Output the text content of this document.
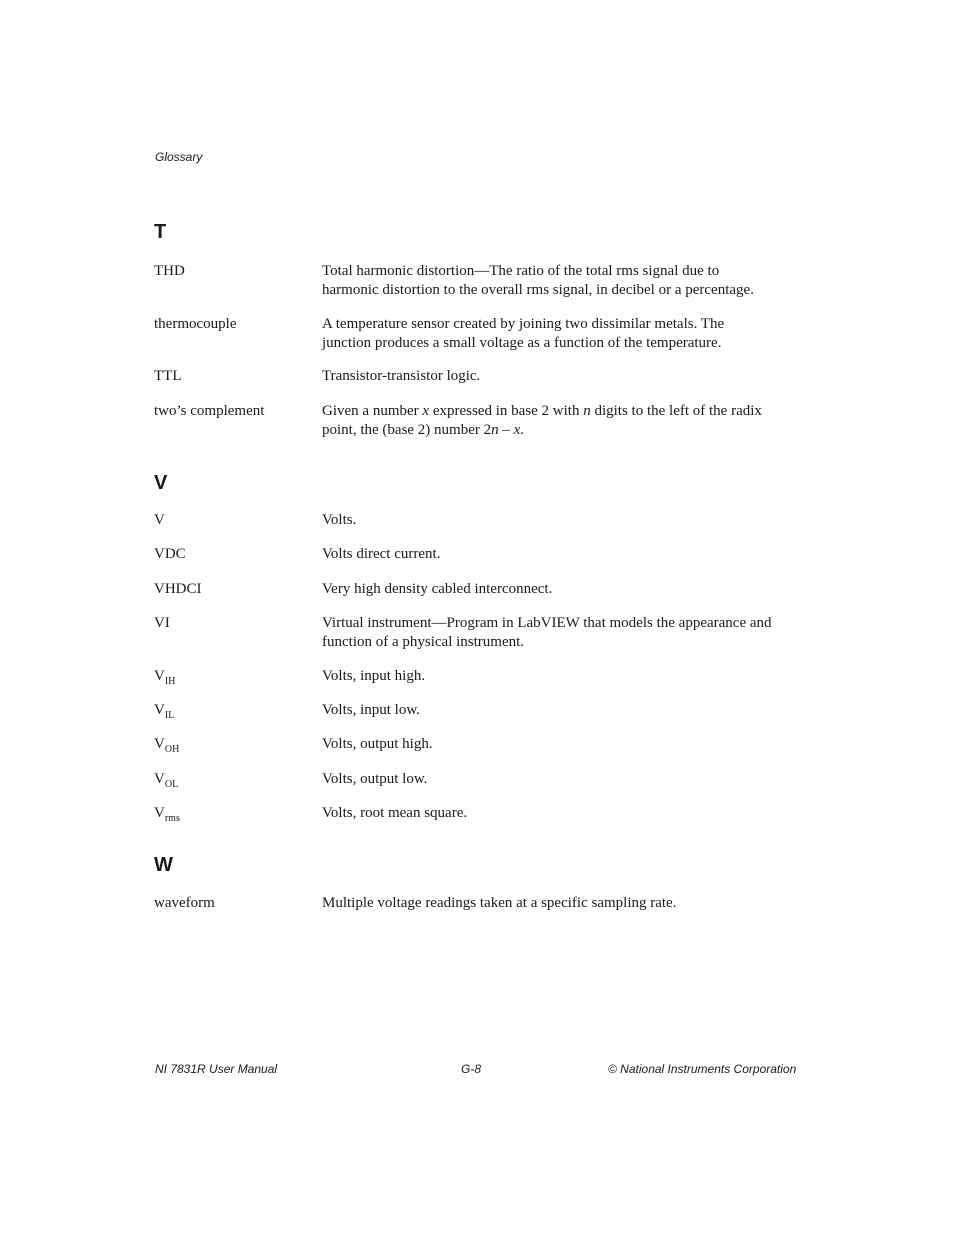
Glossary
T
THD	Total harmonic distortion—The ratio of the total rms signal due to
harmonic distortion to the overall rms signal, in decibel or a percentage.
thermocouple	A temperature sensor created by joining two dissimilar metals. The
junction produces a small voltage as a function of the temperature.
TTL	Transistor-transistor logic.
two’s complement	Given a number x expressed in base 2 with n digits to the left of the radix
point, the (base 2) number 2n – x.
V
V	Volts.
VDC	Volts direct current.
VHDCI	Very high density cabled interconnect.
VI	Virtual instrument—Program in LabVIEW that models the appearance and
function of a physical instrument.
$V_{IH}$	Volts, input high.
$V_{IL}$	Volts, input low.
$V_{OH}$	Volts, output high.
$V_{OL}$	Volts, output low.
$V_{rms}$	Volts, root mean square.
W
waveform	Multiple voltage readings taken at a specific sampling rate.
NI 7831R User Manual	G-8	© National Instruments Corporation
